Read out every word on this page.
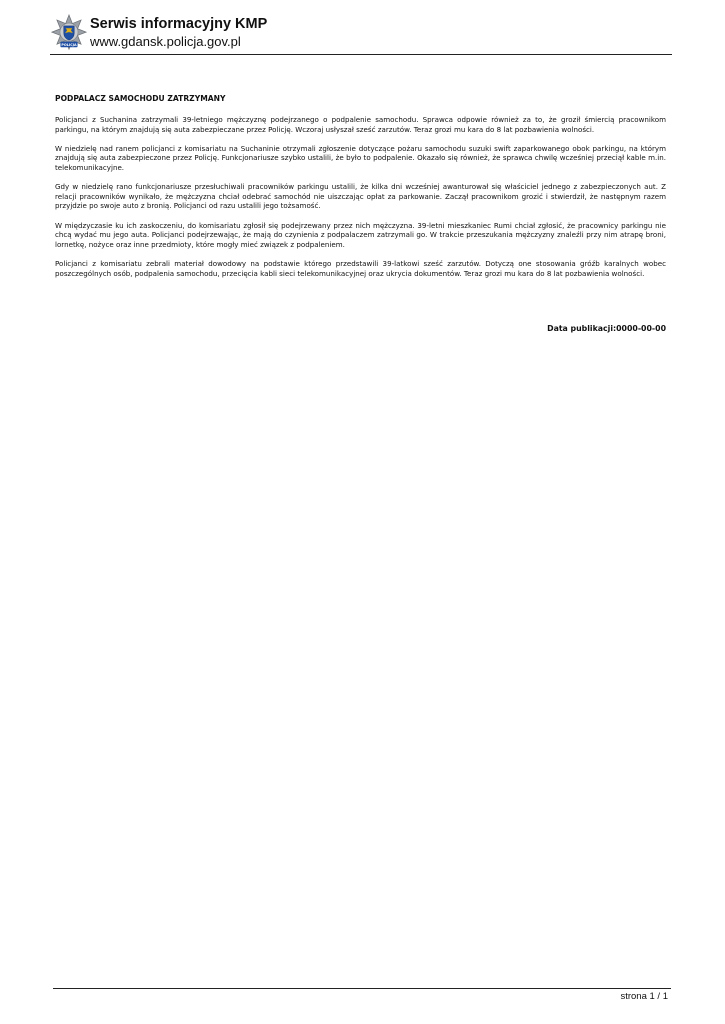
POLICJA
Serwis informacyjny KMP
www.gdansk.policja.gov.pl
PODPALACZ SAMOCHODU ZATRZYMANY

Policjanci z Suchanina zatrzymali 39-letniego mężczyznę podejrzanego o podpalenie samochodu. Sprawca odpowie również za to, że groził śmiercią pracownikom parkingu, na którym znajdują się auta zabezpieczane przez Policję. Wczoraj usłyszał sześć zarzutów. Teraz grozi mu kara do 8 lat pozbawienia wolności.

W niedzielę nad ranem policjanci z komisariatu na Suchaninie otrzymali zgłoszenie dotyczące pożaru samochodu suzuki swift zaparkowanego obok parkingu, na którym znajdują się auta zabezpieczone przez Policję. Funkcjonariusze szybko ustalili, że było to podpalenie. Okazało się również, że sprawca chwilę wcześniej przeciął kable m.in. telekomunikacyjne.

Gdy w niedzielę rano funkcjonariusze przesłuchiwali pracowników parkingu ustalili, że kilka dni wcześniej awanturował się właściciel jednego z zabezpieczonych aut. Z relacji pracowników wynikało, że mężczyzna chciał odebrać samochód nie uiszczając opłat za parkowanie. Zaczął pracownikom grozić i stwierdził, że następnym razem przyjdzie po swoje auto z bronią. Policjanci od razu ustalili jego tożsamość.

W międzyczasie ku ich zaskoczeniu, do komisariatu zgłosił się podejrzewany przez nich mężczyzna. 39-letni mieszkaniec Rumi chciał zgłosić, że pracownicy parkingu nie chcą wydać mu jego auta. Policjanci podejrzewając, że mają do czynienia z podpalaczem zatrzymali go. W trakcie przeszukania mężczyzny znaleźli przy nim atrapę broni, lornetkę, nożyce oraz inne przedmioty, które mogły mieć związek z podpaleniem.

Policjanci z komisariatu zebrali materiał dowodowy na podstawie którego przedstawili 39-latkowi sześć zarzutów. Dotyczą one stosowania gróźb karalnych wobec poszczególnych osób, podpalenia samochodu, przecięcia kabli sieci telekomunikacyjnej oraz ukrycia dokumentów. Teraz grozi mu kara do 8 lat pozbawienia wolności.

Data publikacji:0000-00-00
strona 1 / 1
